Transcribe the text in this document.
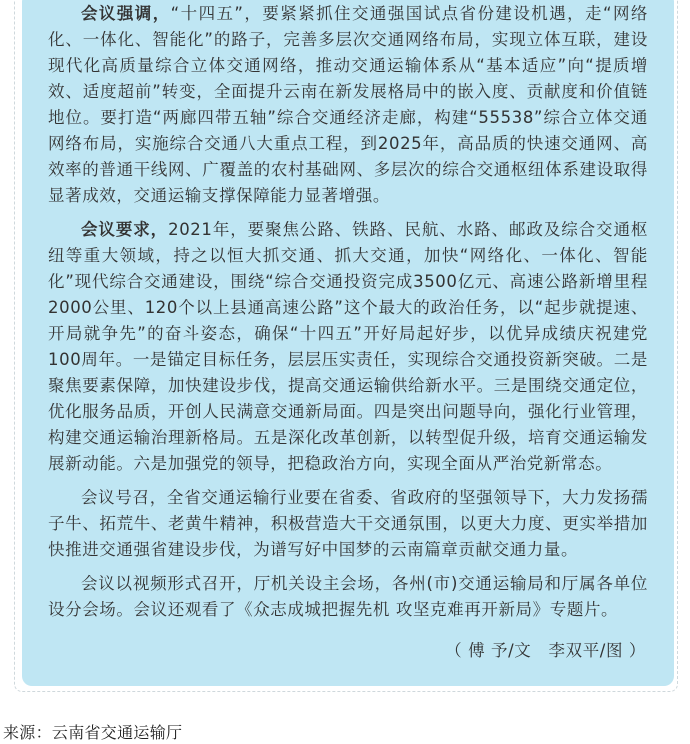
会议强调，“十四五”，要紧紧抓住交通强国试点省份建设机遇，走“网络化、一体化、智能化”的路子，完善多层次交通网络布局，实现立体互联，建设现代化高质量综合立体交通网络，推动交通运输体系从“基本适应”向“提质增效、适度超前”转变，全面提升云南在新发展格局中的嵌入度、贡献度和价值链地位。要打造“两廊四带五轴”综合交通经济走廊，构建“55538”综合立体交通网络布局，实施综合交通八大重点工程，到2025年，高品质的快速交通网、高效率的普通干线网、广覆盖的农村基础网、多层次的综合交通枢纽体系建设取得显著成效，交通运输支撑保障能力显著增强。

会议要求，2021年，要聚焦公路、铁路、民航、水路、邮政及综合交通枢纽等重大领域，持之以恒大抓交通、抓大交通，加快“网络化、一体化、智能化”现代综合交通建设，围绕“综合交通投资完成3500亿元、高速公路新增里程2000公里、120个以上县通高速公路”这个最大的政治任务，以“起步就提速、开局就争先”的奋斗姿态，确保“十四五”开好局起好步，以优异成绩庆祝建党100周年。一是锚定目标任务，层层压实责任，实现综合交通投资新突破。二是聚焦要素保障，加快建设步伐，提高交通运输供给新水平。三是围绕交通定位，优化服务品质，开创人民满意交通新局面。四是突出问题导向，强化行业管理，构建交通运输治理新格局。五是深化改革创新，以转型促升级，培育交通运输发展新动能。六是加强党的领导，把稳政治方向，实现全面从严治党新常态。

会议号召，全省交通运输行业要在省委、省政府的坚强领导下，大力发扬孺子牛、拓荒牛、老黄牛精神，积极营造大干交通氛围，以更大力度、更实举措加快推进交通强省建设步伐，为谱写好中国梦的云南篇章贡献交通力量。

会议以视频形式召开，厅机关设主会场，各州(市)交通运输局和厅属各单位设分会场。会议还观看了《众志成城把握先机 攻坚克难再开新局》专题片。

（ 傅 予/文　李双平/图 ）
来源：云南省交通运输厅
